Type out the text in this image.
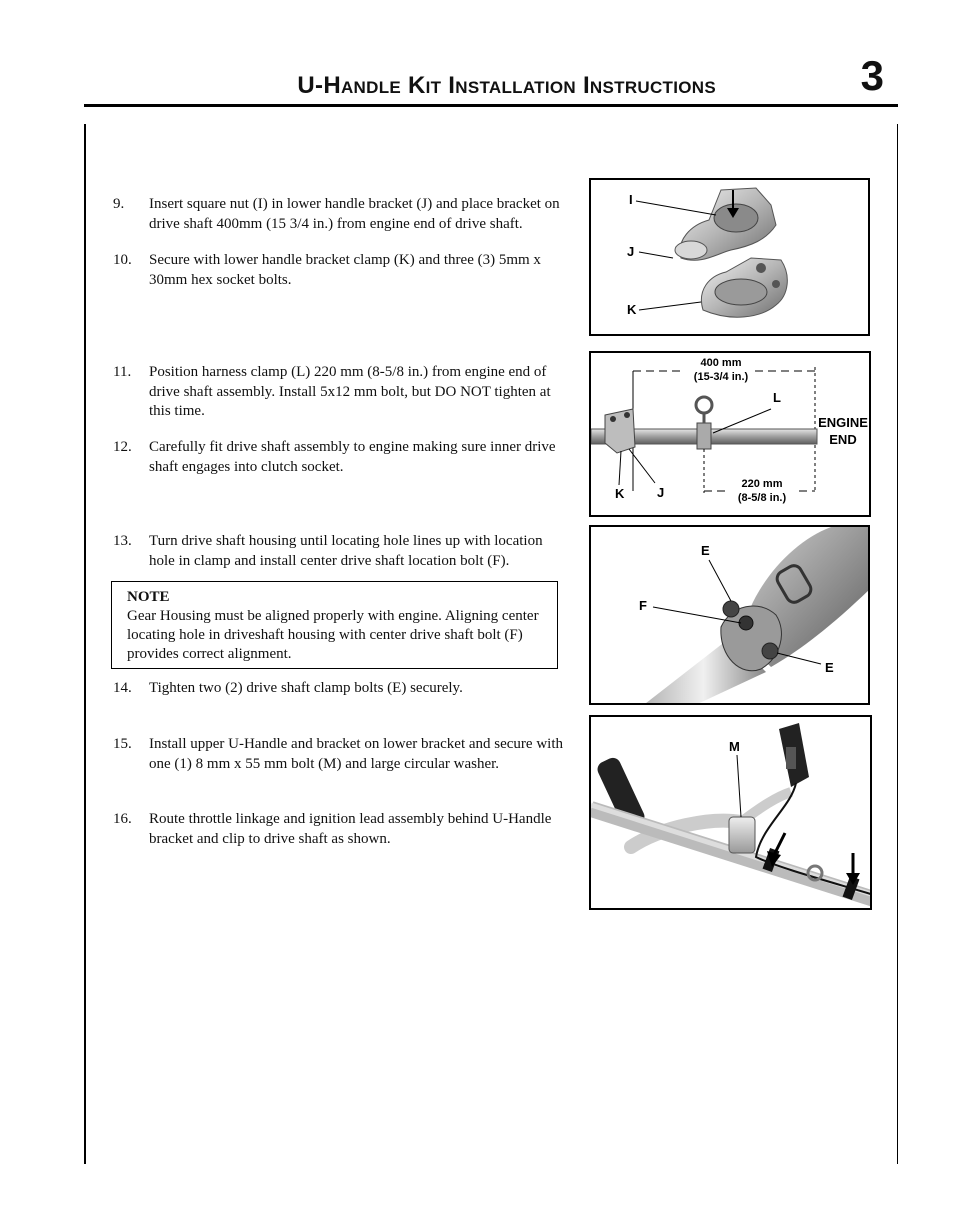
U-Handle Kit Installation Instructions	3
9. Insert square nut (I) in lower handle bracket (J) and place bracket on drive shaft 400mm (15 3/4 in.) from engine end of drive shaft.
10. Secure with lower handle bracket clamp (K) and three (3) 5mm x 30mm hex socket bolts.
11. Position harness clamp (L) 220 mm (8-5/8 in.) from engine end of drive shaft assembly. Install 5x12 mm bolt, but DO NOT tighten at this time.
12. Carefully fit drive shaft assembly to engine making sure inner drive shaft engages into clutch socket.
13. Turn drive shaft housing until locating hole lines up with location hole in clamp and install center drive shaft location bolt (F).
NOTE
Gear Housing must be aligned properly with engine. Aligning center locating hole in driveshaft housing with center drive shaft bolt (F) provides correct alignment.
14. Tighten two (2) drive shaft clamp bolts (E) securely.
15. Install upper U-Handle and bracket on lower bracket and secure with one (1) 8 mm x 55 mm bolt (M) and large circular washer.
16. Route throttle linkage and ignition lead assembly behind U-Handle bracket and clip to drive shaft as shown.
I
J
K
400 mm
(15-3/4 in.)
220 mm
(8-5/8 in.)
ENGINE
END
L
K	J
E
F
E
M
